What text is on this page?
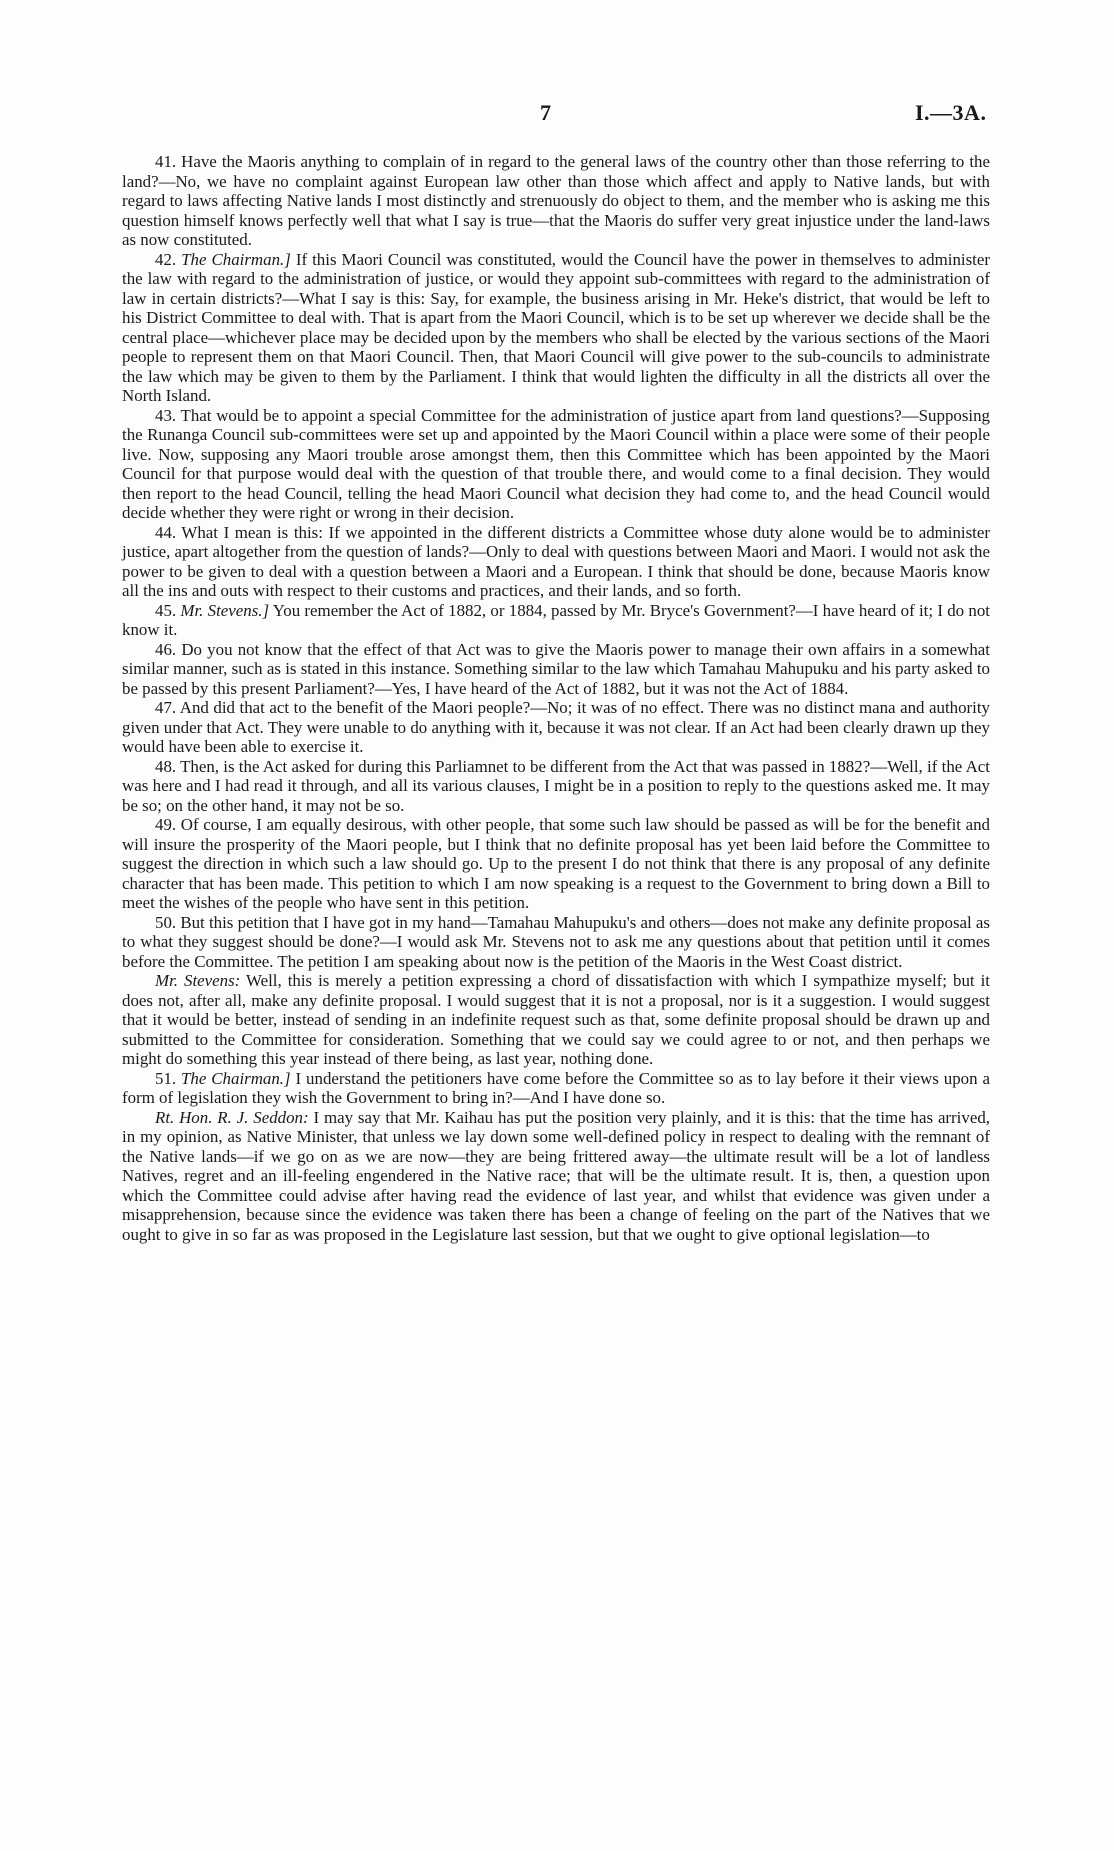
7	I.—3A.

41. Have the Maoris anything to complain of in regard to the general laws of the country other than those referring to the land?—No, we have no complaint against European law other than those which affect and apply to Native lands, but with regard to laws affecting Native lands I most distinctly and strenuously do object to them, and the member who is asking me this question himself knows perfectly well that what I say is true—that the Maoris do suffer very great injustice under the land-laws as now constituted.

42. The Chairman.] If this Maori Council was constituted, would the Council have the power in themselves to administer the law with regard to the administration of justice, or would they appoint sub-committees with regard to the administration of law in certain districts?—What I say is this: Say, for example, the business arising in Mr. Heke's district, that would be left to his District Committee to deal with. That is apart from the Maori Council, which is to be set up wherever we decide shall be the central place—whichever place may be decided upon by the members who shall be elected by the various sections of the Maori people to represent them on that Maori Council. Then, that Maori Council will give power to the sub-councils to administrate the law which may be given to them by the Parliament. I think that would lighten the difficulty in all the districts all over the North Island.

43. That would be to appoint a special Committee for the administration of justice apart from land questions?—Supposing the Runanga Council sub-committees were set up and appointed by the Maori Council within a place were some of their people live. Now, supposing any Maori trouble arose amongst them, then this Committee which has been appointed by the Maori Council for that purpose would deal with the question of that trouble there, and would come to a final decision. They would then report to the head Council, telling the head Maori Council what decision they had come to, and the head Council would decide whether they were right or wrong in their decision.

44. What I mean is this: If we appointed in the different districts a Committee whose duty alone would be to administer justice, apart altogether from the question of lands?—Only to deal with questions between Maori and Maori. I would not ask the power to be given to deal with a question between a Maori and a European. I think that should be done, because Maoris know all the ins and outs with respect to their customs and practices, and their lands, and so forth.

45. Mr. Stevens.] You remember the Act of 1882, or 1884, passed by Mr. Bryce's Government?—I have heard of it; I do not know it.

46. Do you not know that the effect of that Act was to give the Maoris power to manage their own affairs in a somewhat similar manner, such as is stated in this instance. Something similar to the law which Tamahau Mahupuku and his party asked to be passed by this present Parliament?—Yes, I have heard of the Act of 1882, but it was not the Act of 1884.

47. And did that act to the benefit of the Maori people?—No; it was of no effect. There was no distinct mana and authority given under that Act. They were unable to do anything with it, because it was not clear. If an Act had been clearly drawn up they would have been able to exercise it.

48. Then, is the Act asked for during this Parliamnet to be different from the Act that was passed in 1882?—Well, if the Act was here and I had read it through, and all its various clauses, I might be in a position to reply to the questions asked me. It may be so; on the other hand, it may not be so.

49. Of course, I am equally desirous, with other people, that some such law should be passed as will be for the benefit and will insure the prosperity of the Maori people, but I think that no definite proposal has yet been laid before the Committee to suggest the direction in which such a law should go. Up to the present I do not think that there is any proposal of any definite character that has been made. This petition to which I am now speaking is a request to the Government to bring down a Bill to meet the wishes of the people who have sent in this petition.

50. But this petition that I have got in my hand—Tamahau Mahupuku's and others—does not make any definite proposal as to what they suggest should be done?—I would ask Mr. Stevens not to ask me any questions about that petition until it comes before the Committee. The petition I am speaking about now is the petition of the Maoris in the West Coast district.

Mr. Stevens: Well, this is merely a petition expressing a chord of dissatisfaction with which I sympathize myself; but it does not, after all, make any definite proposal. I would suggest that it is not a proposal, nor is it a suggestion. I would suggest that it would be better, instead of sending in an indefinite request such as that, some definite proposal should be drawn up and submitted to the Committee for consideration. Something that we could say we could agree to or not, and then perhaps we might do something this year instead of there being, as last year, nothing done.

51. The Chairman.] I understand the petitioners have come before the Committee so as to lay before it their views upon a form of legislation they wish the Government to bring in?—And I have done so.

Rt. Hon. R. J. Seddon: I may say that Mr. Kaihau has put the position very plainly, and it is this: that the time has arrived, in my opinion, as Native Minister, that unless we lay down some well-defined policy in respect to dealing with the remnant of the Native lands—if we go on as we are now—they are being frittered away—the ultimate result will be a lot of landless Natives, regret and an ill-feeling engendered in the Native race; that will be the ultimate result. It is, then, a question upon which the Committee could advise after having read the evidence of last year, and whilst that evidence was given under a misapprehension, because since the evidence was taken there has been a change of feeling on the part of the Natives that we ought to give in so far as was proposed in the Legislature last session, but that we ought to give optional legislation—to
